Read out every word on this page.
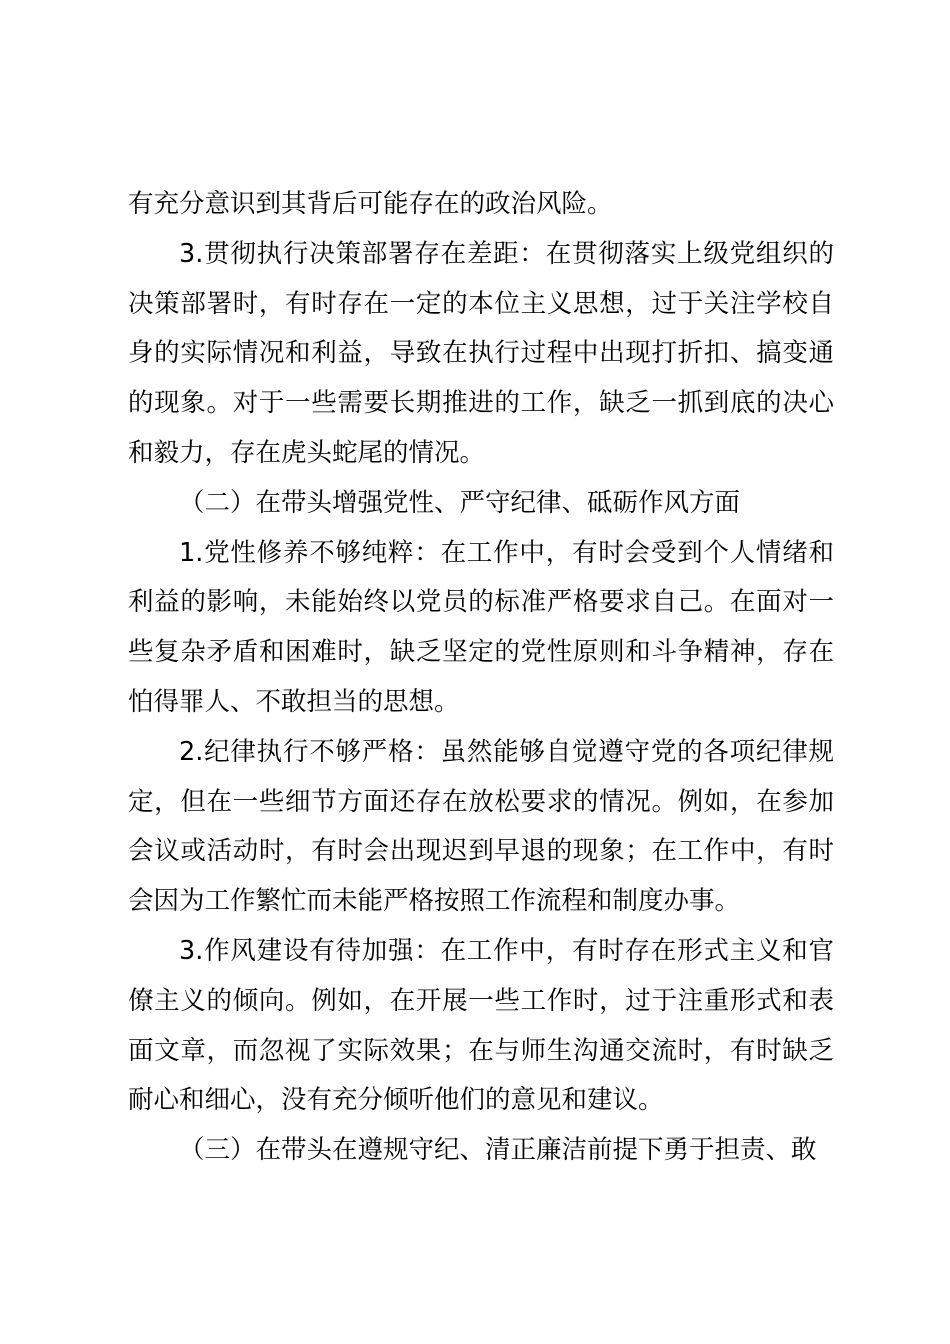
有充分意识到其背后可能存在的政治风险。

3.贯彻执行决策部署存在差距：在贯彻落实上级党组织的决策部署时，有时存在一定的本位主义思想，过于关注学校自身的实际情况和利益，导致在执行过程中出现打折扣、搞变通的现象。对于一些需要长期推进的工作，缺乏一抓到底的决心和毅力，存在虎头蛇尾的情况。

（二）在带头增强党性、严守纪律、砥砺作风方面

1.党性修养不够纯粹：在工作中，有时会受到个人情绪和利益的影响，未能始终以党员的标准严格要求自己。在面对一些复杂矛盾和困难时，缺乏坚定的党性原则和斗争精神，存在怕得罪人、不敢担当的思想。

2.纪律执行不够严格：虽然能够自觉遵守党的各项纪律规定，但在一些细节方面还存在放松要求的情况。例如，在参加会议或活动时，有时会出现迟到早退的现象；在工作中，有时会因为工作繁忙而未能严格按照工作流程和制度办事。

3.作风建设有待加强：在工作中，有时存在形式主义和官僚主义的倾向。例如，在开展一些工作时，过于注重形式和表面文章，而忽视了实际效果；在与师生沟通交流时，有时缺乏耐心和细心，没有充分倾听他们的意见和建议。

（三）在带头在遵规守纪、清正廉洁前提下勇于担责、敢
